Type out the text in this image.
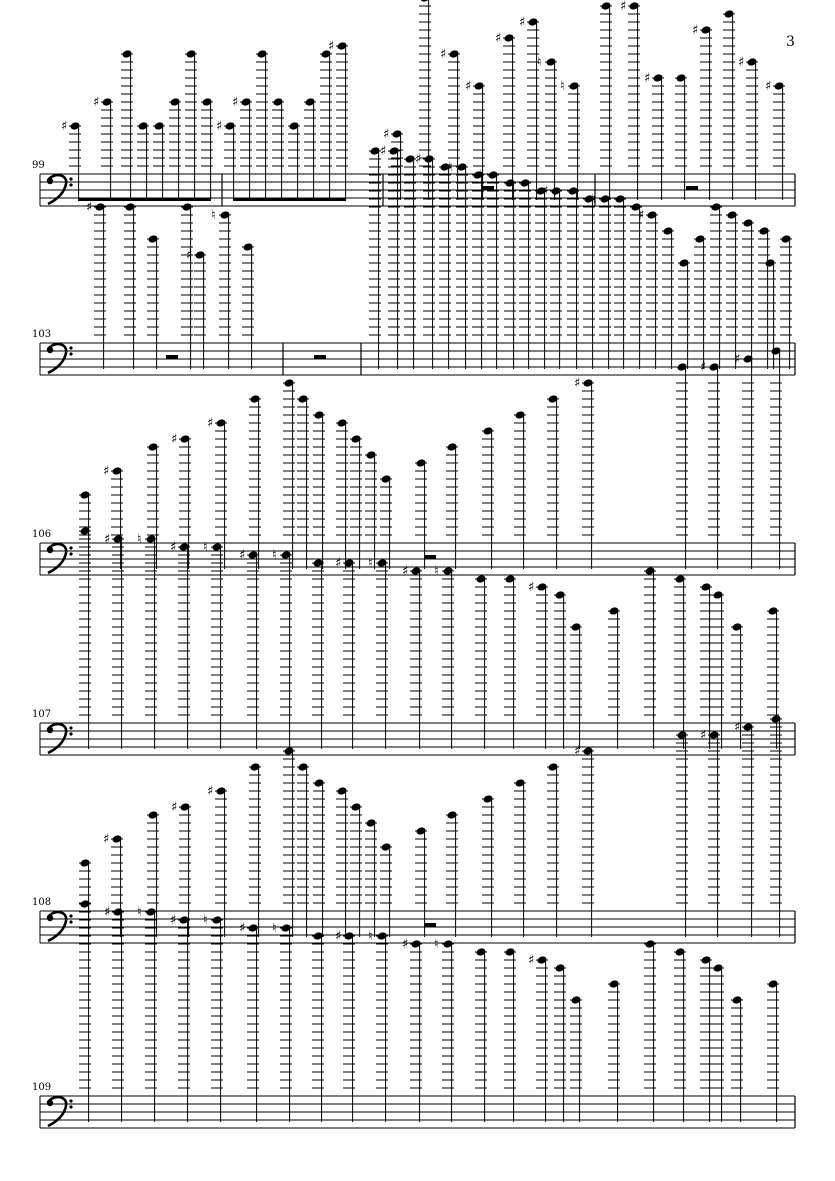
3
♯
♯
♯
♯
♯
♯
♯
♯
♯
♯
♮
♮
♯
♯
♯
♯
♯
♯
♯
♮
♯
♯
♮
♮
♯
♮
♯
♯
♯
♯
♯
♯
♯
♯ ♮
♯ ♮
♯ ♮
♯ ♮
♯ ♮
♯
♯
♯
♯
♯
♯
♯
♯ ♮
♯ ♮
♯ ♮
♯ ♮
♯ ♮
♯
99
103
106
107
108
109
